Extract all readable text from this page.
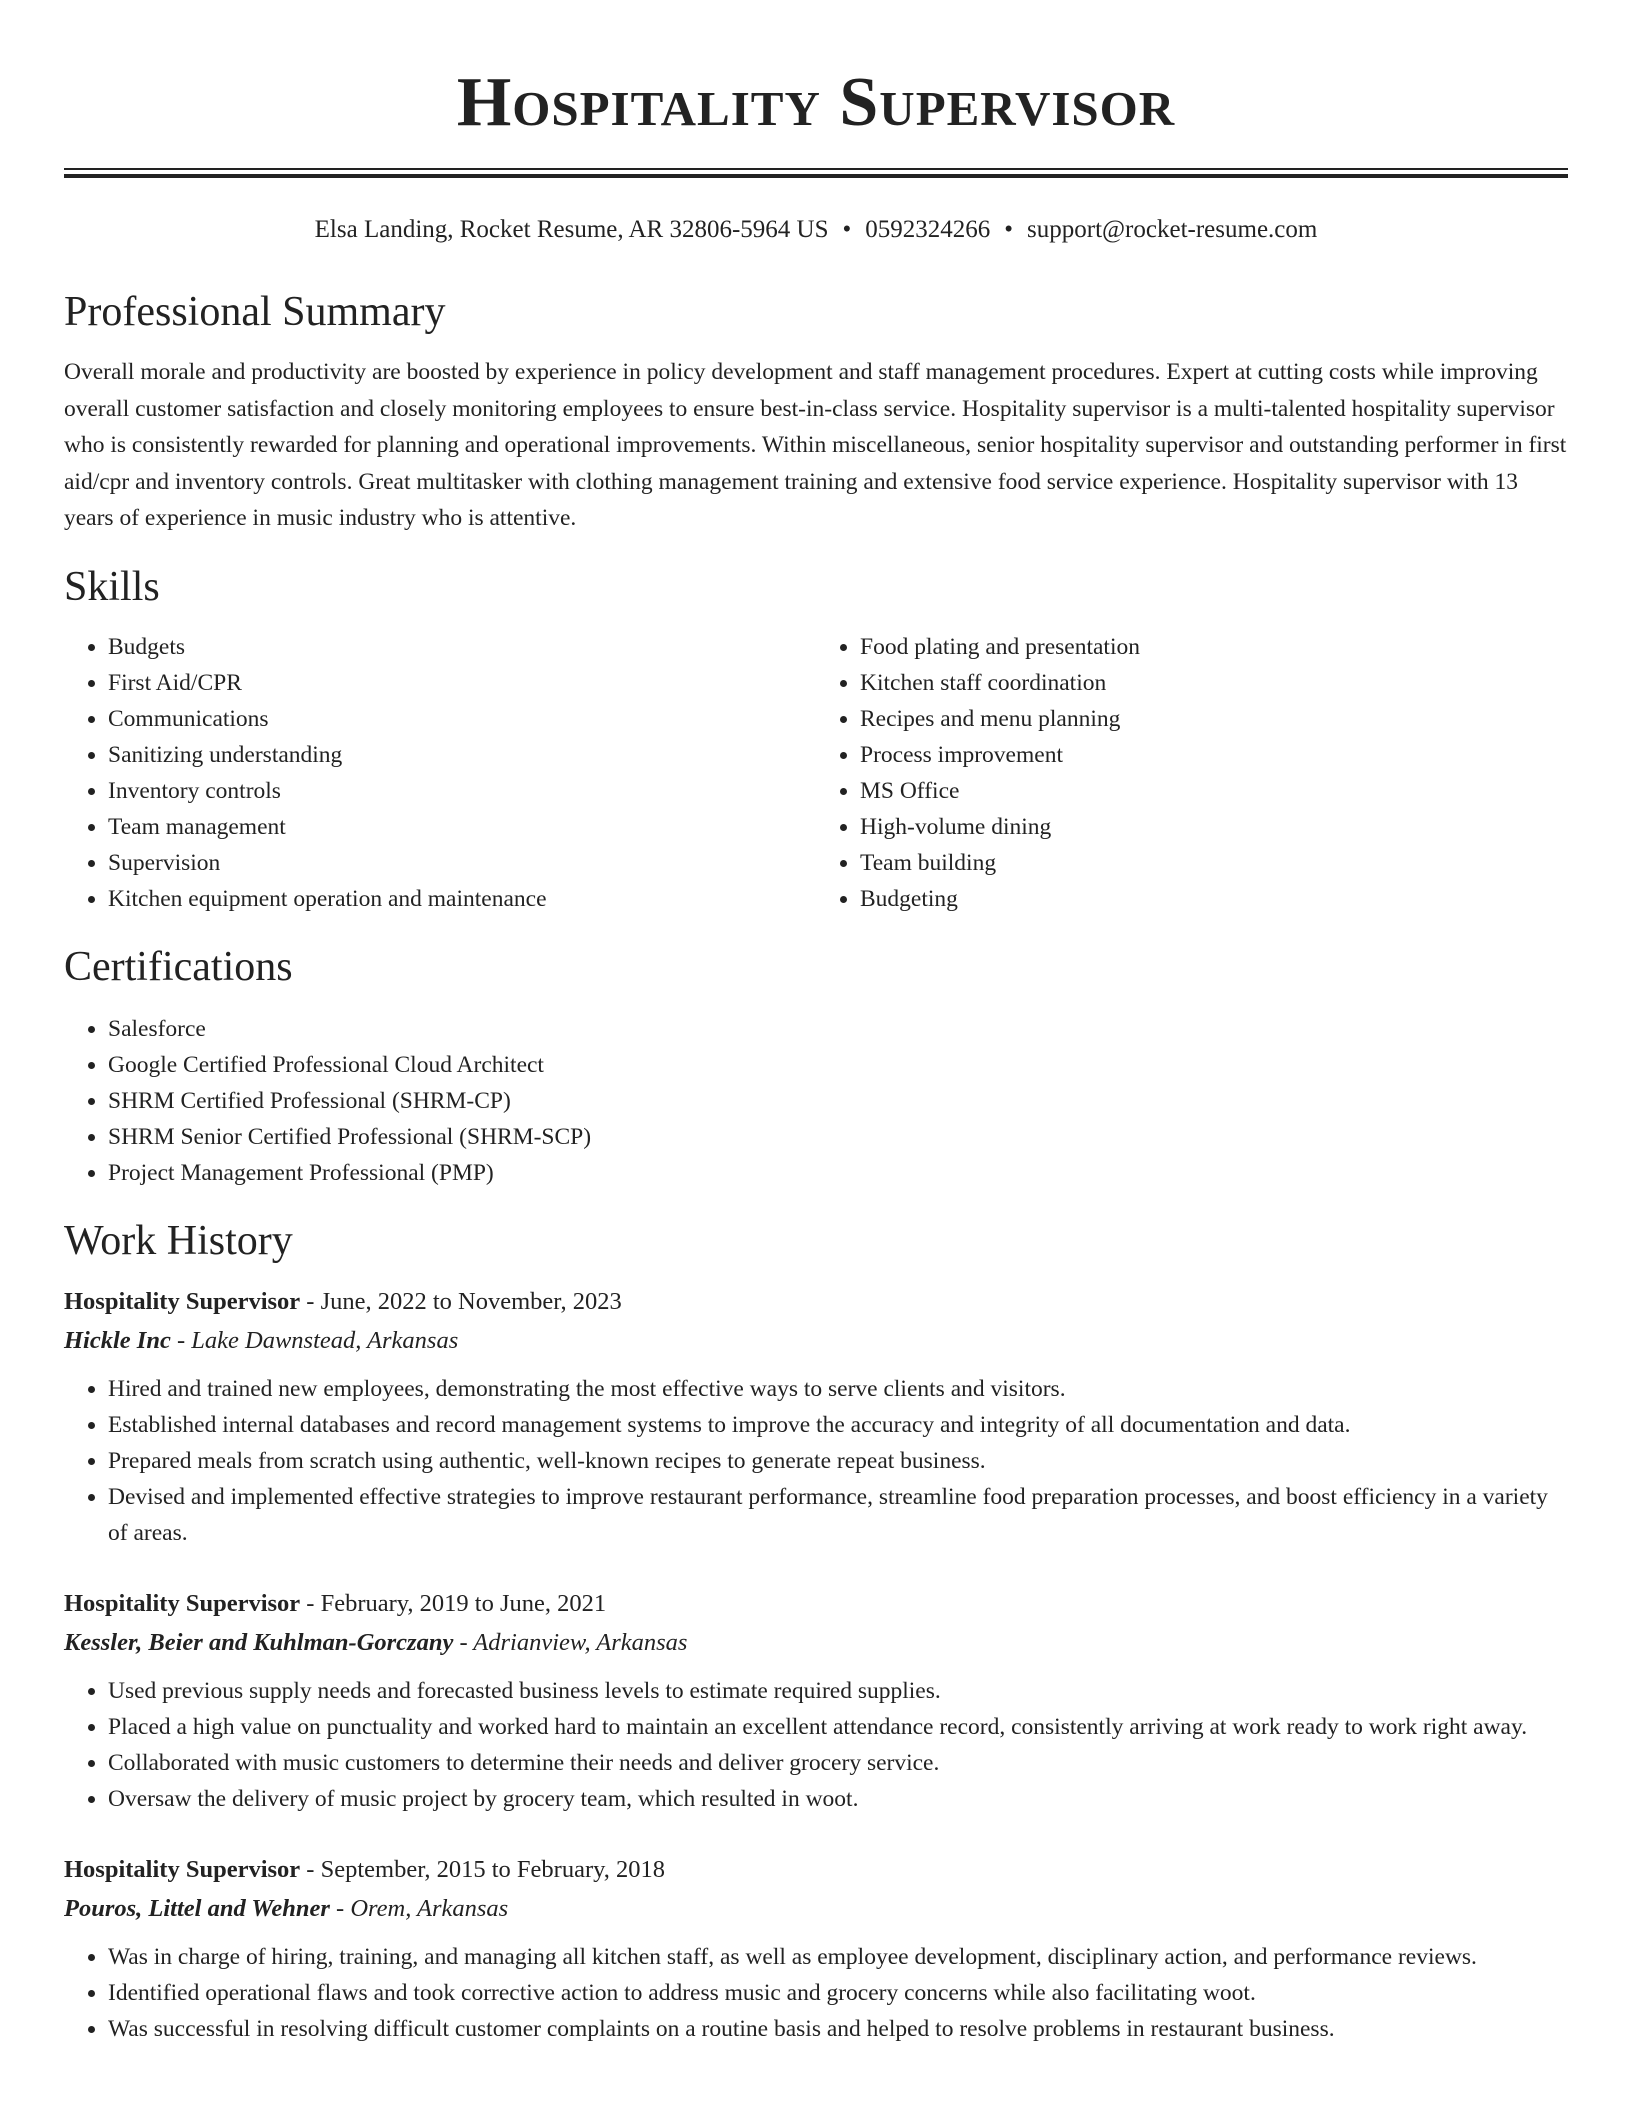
Hospitality Supervisor
Elsa Landing, Rocket Resume, AR 32806-5964 US • 0592324266 • support@rocket-resume.com
Professional Summary

Overall morale and productivity are boosted by experience in policy development and staff management procedures. Expert at cutting costs while improving overall customer satisfaction and closely monitoring employees to ensure best-in-class service. Hospitality supervisor is a multi-talented hospitality supervisor who is consistently rewarded for planning and operational improvements. Within miscellaneous, senior hospitality supervisor and outstanding performer in first aid/cpr and inventory controls. Great multitasker with clothing management training and extensive food service experience. Hospitality supervisor with 13 years of experience in music industry who is attentive.

Skills
• Budgets
• First Aid/CPR
• Communications
• Sanitizing understanding
• Inventory controls
• Team management
• Supervision
• Kitchen equipment operation and maintenance
• Food plating and presentation
• Kitchen staff coordination
• Recipes and menu planning
• Process improvement
• MS Office
• High-volume dining
• Team building
• Budgeting
Certifications
• Salesforce
• Google Certified Professional Cloud Architect
• SHRM Certified Professional (SHRM-CP)
• SHRM Senior Certified Professional (SHRM-SCP)
• Project Management Professional (PMP)
Work History
Hospitality Supervisor - June, 2022 to November, 2023
Hickle Inc - Lake Dawnstead, Arkansas
• Hired and trained new employees, demonstrating the most effective ways to serve clients and visitors.
• Established internal databases and record management systems to improve the accuracy and integrity of all documentation and data.
• Prepared meals from scratch using authentic, well-known recipes to generate repeat business.
• Devised and implemented effective strategies to improve restaurant performance, streamline food preparation processes, and boost efficiency in a variety of areas.
Hospitality Supervisor - February, 2019 to June, 2021
Kessler, Beier and Kuhlman-Gorczany - Adrianview, Arkansas
• Used previous supply needs and forecasted business levels to estimate required supplies.
• Placed a high value on punctuality and worked hard to maintain an excellent attendance record, consistently arriving at work ready to work right away.
• Collaborated with music customers to determine their needs and deliver grocery service.
• Oversaw the delivery of music project by grocery team, which resulted in woot.
Hospitality Supervisor - September, 2015 to February, 2018
Pouros, Littel and Wehner - Orem, Arkansas
• Was in charge of hiring, training, and managing all kitchen staff, as well as employee development, disciplinary action, and performance reviews.
• Identified operational flaws and took corrective action to address music and grocery concerns while also facilitating woot.
• Was successful in resolving difficult customer complaints on a routine basis and helped to resolve problems in restaurant business.
